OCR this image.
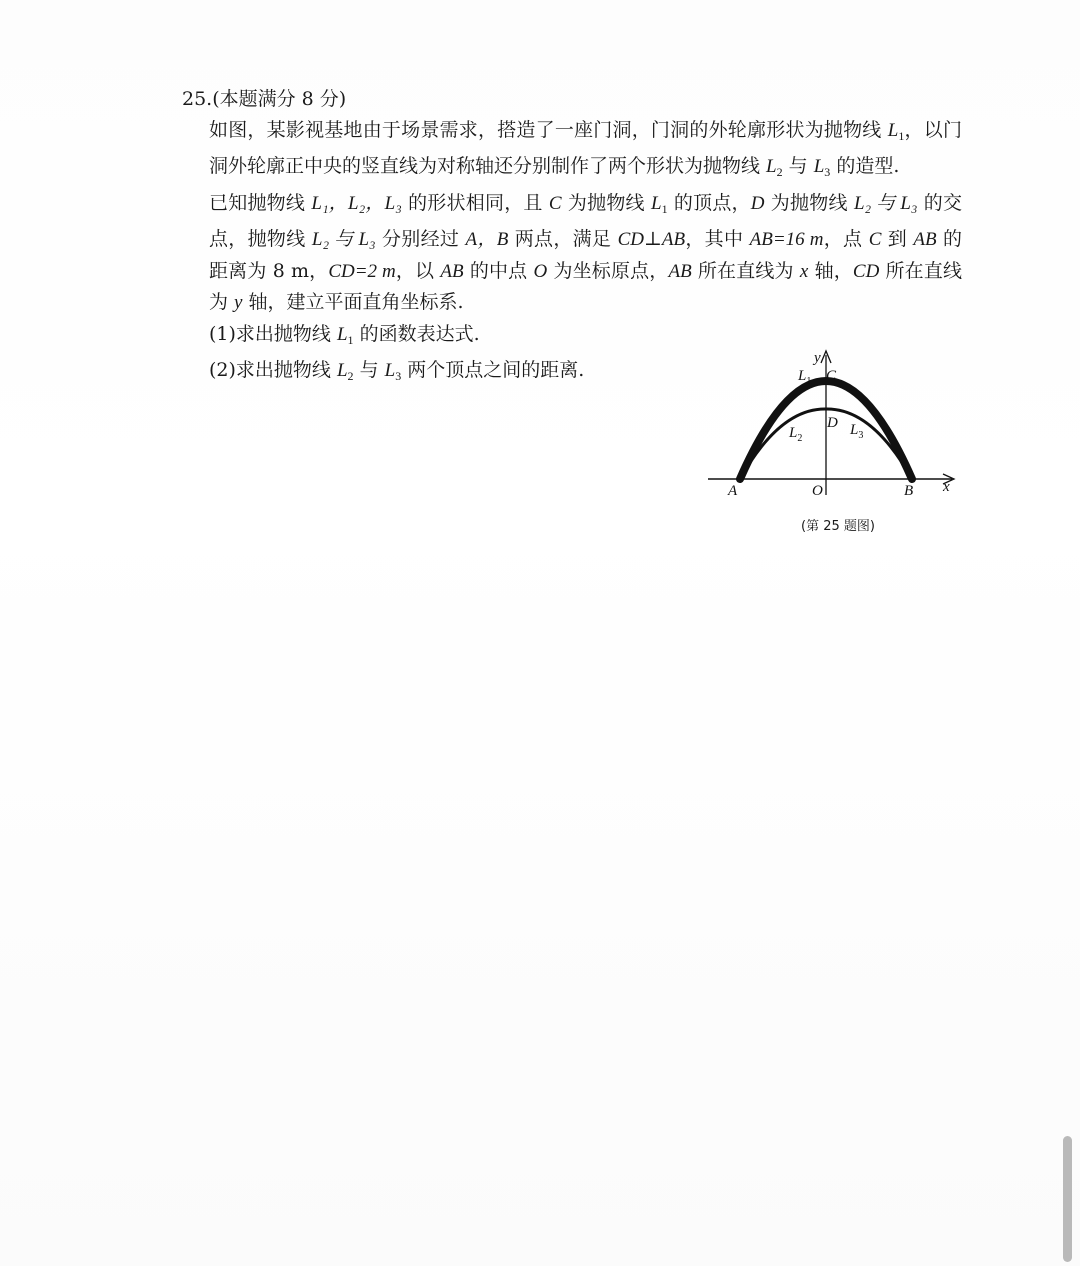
25.(本题满分 8 分)

如图，某影视基地由于场景需求，搭造了一座门洞，门洞的外轮廓形状为抛物线 $L_1$，以门洞外轮廓正中央的竖直线为对称轴还分别制作了两个形状为抛物线 $L_2$ 与 $L_3$ 的造型.

已知抛物线 L₁，L₂，L₃ 的形状相同，且 C 为抛物线 $L_1$ 的顶点，D 为抛物线 L₂ 与 L₃ 的交点，抛物线 L₂ 与 L₃ 分别经过 A，B 两点，满足 CD⊥AB，其中 AB=16 m，点 C 到 AB 的距离为 8 m，CD=2 m，以 AB 的中点 O 为坐标原点，AB 所在直线为 x 轴，CD 所在直线为 y 轴，建立平面直角坐标系.

(1)求出抛物线 $L_1$ 的函数表达式.

(2)求出抛物线 $L_2$ 与 $L_3$ 两个顶点之间的距离.

A	O	B x
y
C
D
$L_1$
$L_2$
$L_3$
(第 25 题图)
